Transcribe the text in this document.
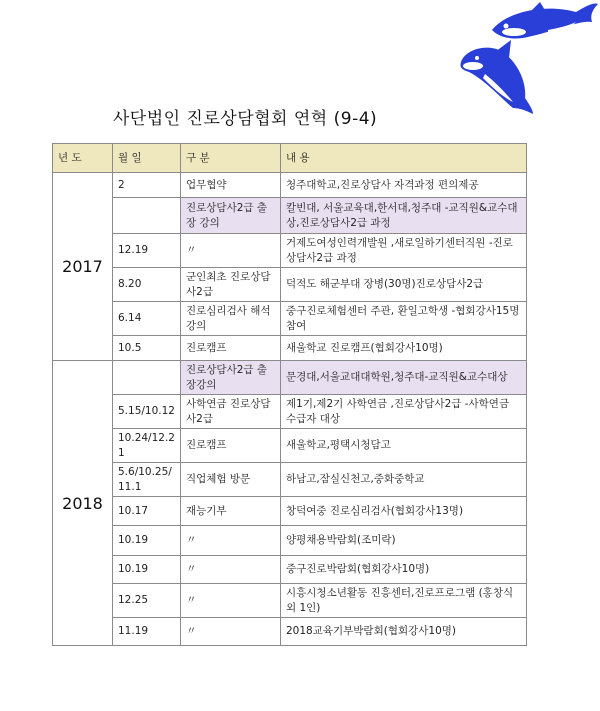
사단법인 진로상담협회 연혁 (9-4)
년 도	월 일	구 분	내 용
2017	2	업무협약	청주대학교,진로상담사 자격과정 편의제공
		진로상담사2급 출장 강의	칼빈대, 서울교육대,한서대,청주대 -교직원&교수대상,진로상담사2급 과정
	12.19	〃	거제도여성인력개발원 ,새로일하기센터직원 -진로상담사2급 과정
	8.20	군인최초 진로상담사2급	덕적도 해군부대 장병(30명)진로상담사2급
	6.14	진로심리검사 해석 강의	중구진로체험센터 주관, 환일고학생 -협회강사15명 참여
	10.5	진로캠프	새울학교 진로캠프(협회강사10명)
2018		진로상담사2급 출장강의	문경대,서울교대대학원,청주대-교직원&교수대상
	5.15/10.12	사학연금 진로상담사2급	제1기,제2기 사학연금 ,진로상담사2급 -사학연금 수급자 대상
	10.24/12.21	진로캠프	새울학교,평택시청담고
	5.6/10.25/11.1	직업체험 방문	하남고,잠실신천고,중화중학교
	10.17	재능기부	창덕여중 진로심리검사(협회강사13명)
	10.19	〃	양평채용박람회(조미락)
	10.19	〃	중구진로박람회(협회강사10명)
	12.25	〃	시흥시청소년활동 진흥센터,진로프로그램 (홍창식외 1인)
	11.19	〃	2018교육기부박람회(협회강사10명)
